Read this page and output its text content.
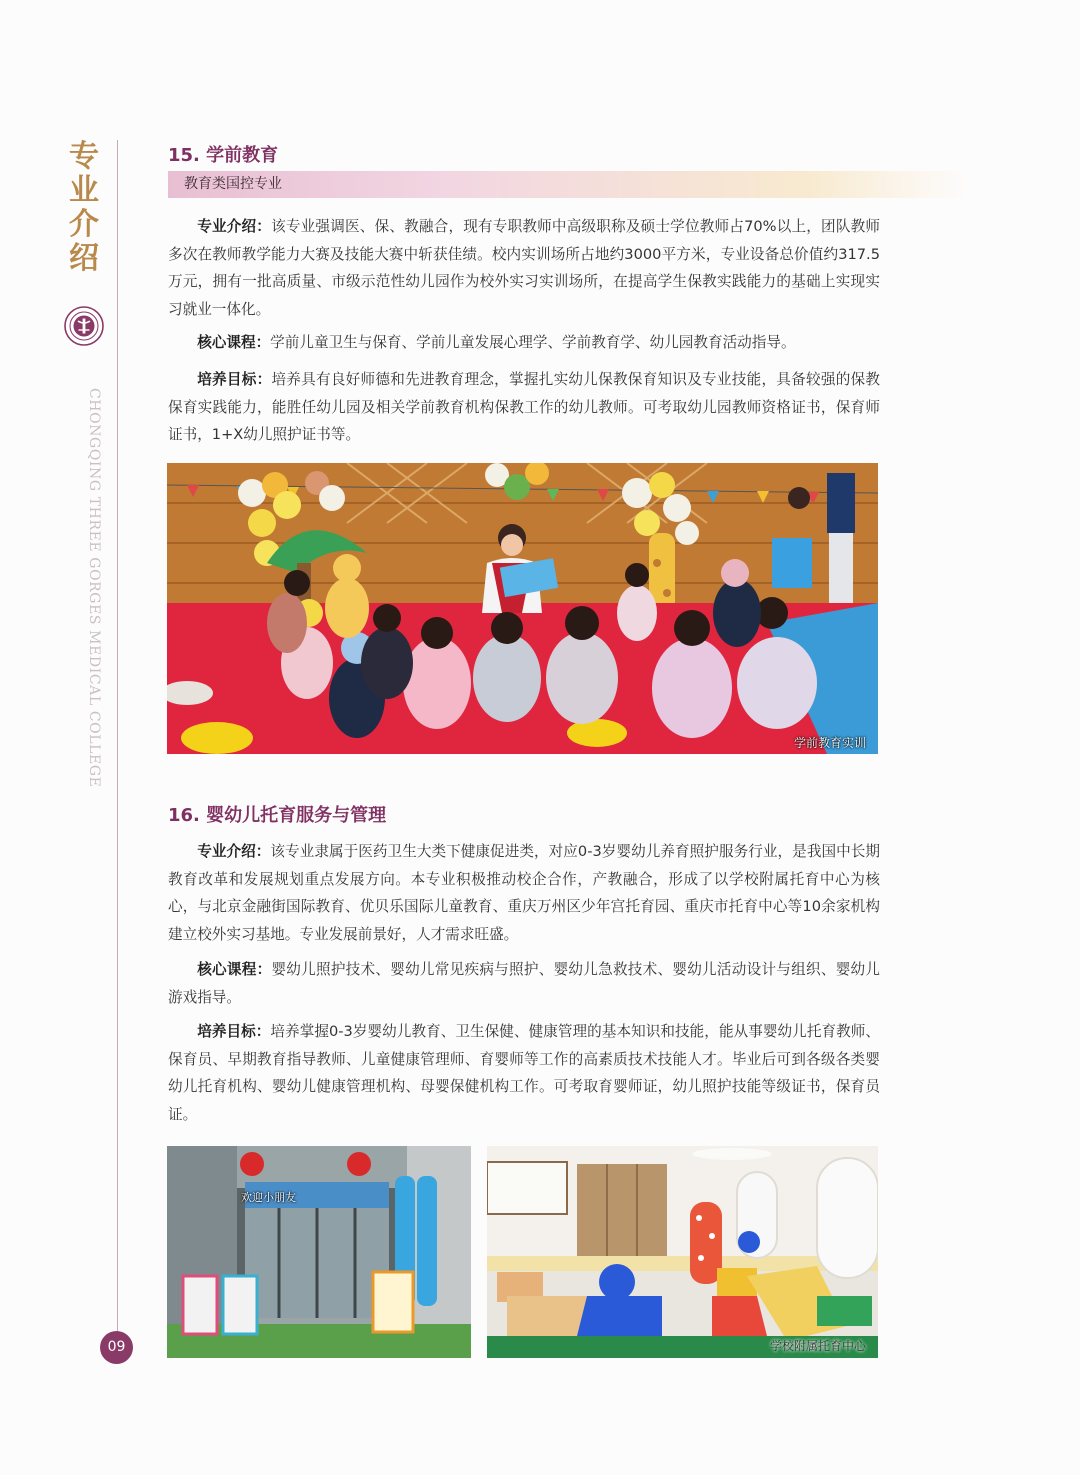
专
业
介
绍
CHONGQING THREE GORGES MEDICAL COLLEGE
09
15. 学前教育
教育类国控专业

专业介绍：该专业强调医、保、教融合，现有专职教师中高级职称及硕士学位教师占70%以上，团队教师多次在教师教学能力大赛及技能大赛中斩获佳绩。校内实训场所占地约3000平方米，专业设备总价值约317.5万元，拥有一批高质量、市级示范性幼儿园作为校外实习实训场所，在提高学生保教实践能力的基础上实现实习就业一体化。

核心课程：学前儿童卫生与保育、学前儿童发展心理学、学前教育学、幼儿园教育活动指导。

培养目标：培养具有良好师德和先进教育理念，掌握扎实幼儿保教保育知识及专业技能，具备较强的保教保育实践能力，能胜任幼儿园及相关学前教育机构保教工作的幼儿教师。可考取幼儿园教师资格证书，保育师证书，1+X幼儿照护证书等。

学前教育实训
16. 婴幼儿托育服务与管理

专业介绍：该专业隶属于医药卫生大类下健康促进类，对应0-3岁婴幼儿养育照护服务行业，是我国中长期教育改革和发展规划重点发展方向。本专业积极推动校企合作，产教融合，形成了以学校附属托育中心为核心，与北京金融街国际教育、优贝乐国际儿童教育、重庆万州区少年宫托育园、重庆市托育中心等10余家机构建立校外实习基地。专业发展前景好，人才需求旺盛。

核心课程：婴幼儿照护技术、婴幼儿常见疾病与照护、婴幼儿急救技术、婴幼儿活动设计与组织、婴幼儿游戏指导。

培养目标：培养掌握0-3岁婴幼儿教育、卫生保健、健康管理的基本知识和技能，能从事婴幼儿托育教师、保育员、早期教育指导教师、儿童健康管理师、育婴师等工作的高素质技术技能人才。毕业后可到各级各类婴幼儿托育机构、婴幼儿健康管理机构、母婴保健机构工作。可考取育婴师证，幼儿照护技能等级证书，保育员证。

欢迎小朋友
学校附属托育中心
